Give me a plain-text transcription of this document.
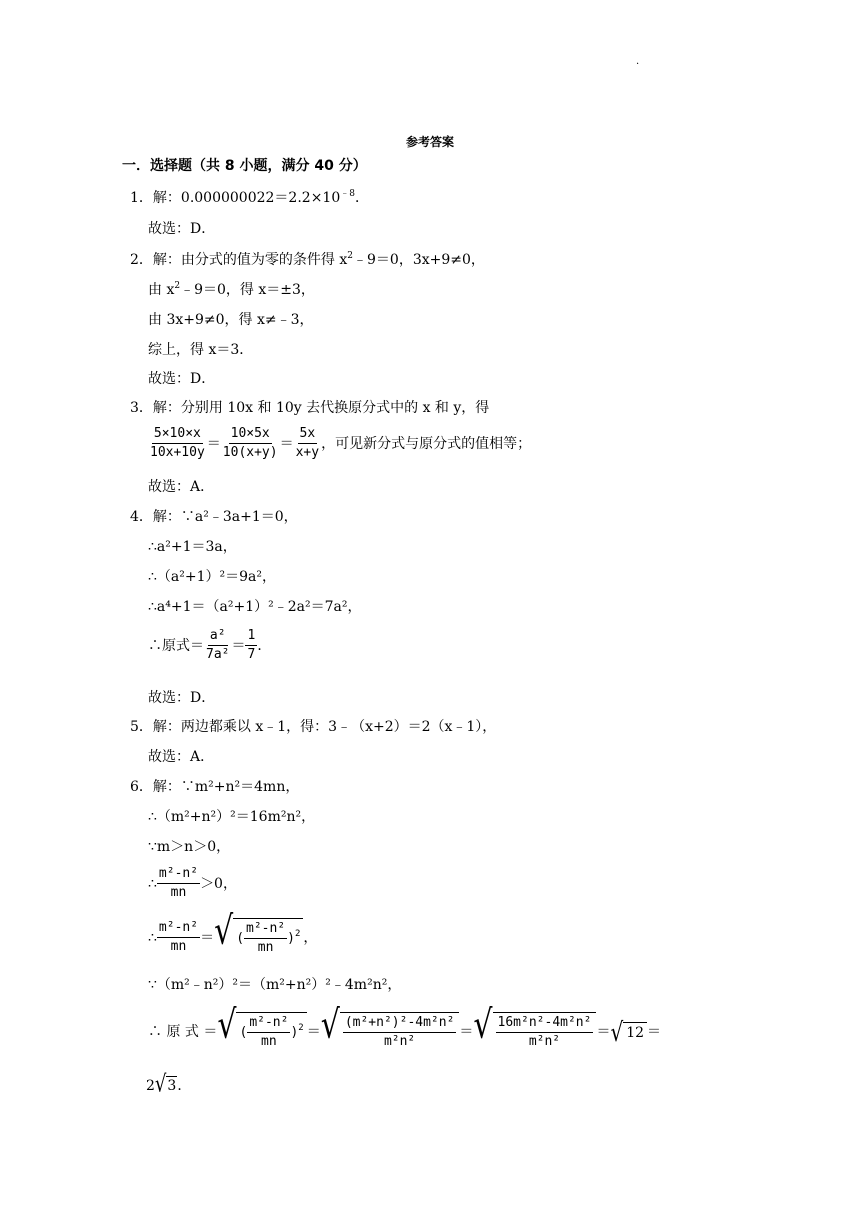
.
参考答案
一．选择题（共 8 小题，满分 40 分）
1．解：$0.000000022=2.2\times 10^{﹣8}$．
故选：D．
2．解：由分式的值为零的条件得 $x^2﹣9=0$，3x+9≠0，
由 $x^2﹣9=0$，得 x＝±3，
由 3x+9≠0，得 x≠﹣3，
综上，得 x＝3．
故选：D．
3．解：分别用 10x 和 10y 去代换原分式中的 x 和 y，得
$\frac{5\times 10\times x}{10x+10y} = \frac{10\times 5x}{10(x+y)} = \frac{5x}{x+y}$ ，可见新分式与原分式的值相等；
故选：A．
4．解：∵a²﹣3a+1＝0，
∴a²+1＝3a，
∴（a²+1）²＝9a²，
∴a⁴+1＝（a²+1）²﹣2a²＝7a²，
∴原式＝ $\frac{\text{a²}}{\text{7a²}} = \frac{1}{7}$ ．
故选：D．
5．解：两边都乘以 x﹣1，得：3﹣（x+2）＝2（x﹣1），
故选：A．
6．解：∵m²+n²＝4mn，
∴（m²+n²）²＝16m²n²，
∵m＞n＞0，
∴ $\frac{\text{m²-n²}}{mn} >0$，
∴ $\frac{\text{m²-n²}}{mn}$ ＝ √ ( $\frac{\text{m²-n²}}{mn} )^2$ ，
∵（m²﹣n²）²＝（m²+n²）²﹣4m²n²，
∴ 原 式 ＝ √ ( $\frac{\text{m²-n²}}{mn} )^2$ ＝ √ $\frac{\text{(m²+n²)²-4m²n²}}{\text{m²n²}}$ ＝ √ $\frac{\text{16m²n²-4m²n²}}{\text{m²n²}}$ ＝ √ 12 ＝
2 √ 3 ．
